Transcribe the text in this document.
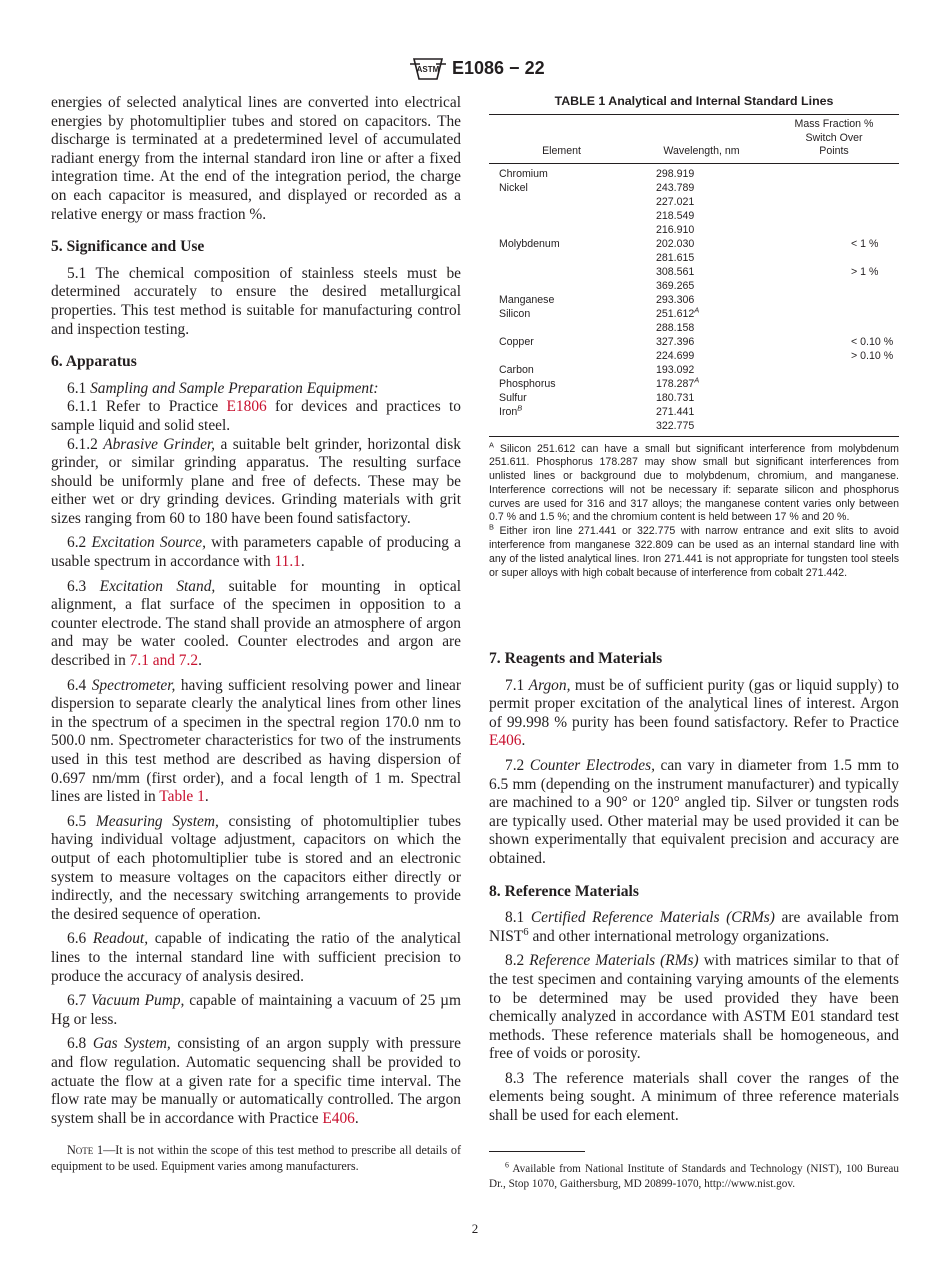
ASTM E1086 − 22

energies of selected analytical lines are converted into electrical energies by photomultiplier tubes and stored on capacitors. The discharge is terminated at a predetermined level of accumulated radiant energy from the internal standard iron line or after a fixed integration time. At the end of the integration period, the charge on each capacitor is measured, and displayed or recorded as a relative energy or mass fraction %.

5. Significance and Use

5.1 The chemical composition of stainless steels must be determined accurately to ensure the desired metallurgical properties. This test method is suitable for manufacturing control and inspection testing.

6. Apparatus

6.1 Sampling and Sample Preparation Equipment:

6.1.1 Refer to Practice E1806 for devices and practices to sample liquid and solid steel.

6.1.2 Abrasive Grinder, a suitable belt grinder, horizontal disk grinder, or similar grinding apparatus. The resulting surface should be uniformly plane and free of defects. These may be either wet or dry grinding devices. Grinding materials with grit sizes ranging from 60 to 180 have been found satisfactory.

6.2 Excitation Source, with parameters capable of producing a usable spectrum in accordance with 11.1.

6.3 Excitation Stand, suitable for mounting in optical alignment, a flat surface of the specimen in opposition to a counter electrode. The stand shall provide an atmosphere of argon and may be water cooled. Counter electrodes and argon are described in 7.1 and 7.2.

6.4 Spectrometer, having sufficient resolving power and linear dispersion to separate clearly the analytical lines from other lines in the spectrum of a specimen in the spectral region 170.0 nm to 500.0 nm. Spectrometer characteristics for two of the instruments used in this test method are described as having dispersion of 0.697 nm/mm (first order), and a focal length of 1 m. Spectral lines are listed in Table 1.

6.5 Measuring System, consisting of photomultiplier tubes having individual voltage adjustment, capacitors on which the output of each photomultiplier tube is stored and an electronic system to measure voltages on the capacitors either directly or indirectly, and the necessary switching arrangements to provide the desired sequence of operation.

6.6 Readout, capable of indicating the ratio of the analytical lines to the internal standard line with sufficient precision to produce the accuracy of analysis desired.

6.7 Vacuum Pump, capable of maintaining a vacuum of 25 µm Hg or less.

6.8 Gas System, consisting of an argon supply with pressure and flow regulation. Automatic sequencing shall be provided to actuate the flow at a given rate for a specific time interval. The flow rate may be manually or automatically controlled. The argon system shall be in accordance with Practice E406.

Note 1—It is not within the scope of this test method to prescribe all details of equipment to be used. Equipment varies among manufacturers.

TABLE 1 Analytical and Internal Standard Lines
Element	Wavelength, nm	Mass Fraction %
Switch Over
Points
Chromium	298.919	
Nickel	243.789	
	227.021	
	218.549	
	216.910	
Molybdenum	202.030	< 1 %
	281.615	
	308.561	> 1 %
	369.265	
Manganese	293.306	
Silicon	$251.612^A$	
	288.158	
Copper	327.396	< 0.10 %
	224.699	> 0.10 %
Carbon	193.092	
Phosphorus	$178.287^A$	
Sulfur	180.731	
Iron$^B$	271.441	
	322.775	

$^A$ Silicon 251.612 can have a small but significant interference from molybdenum 251.611. Phosphorus 178.287 may show small but significant interferences from unlisted lines or background due to molybdenum, chromium, and manganese. Interference corrections will not be necessary if: separate silicon and phosphorus curves are used for 316 and 317 alloys; the manganese content varies only between 0.7 % and 1.5 %; and the chromium content is held between 17 % and 20 %.

$^B$ Either iron line 271.441 or 322.775 with narrow entrance and exit slits to avoid interference from manganese 322.809 can be used as an internal standard line with any of the listed analytical lines. Iron 271.441 is not appropriate for tungsten tool steels or super alloys with high cobalt because of interference from cobalt 271.442.

7. Reagents and Materials

7.1 Argon, must be of sufficient purity (gas or liquid supply) to permit proper excitation of the analytical lines of interest. Argon of 99.998 % purity has been found satisfactory. Refer to Practice E406.

7.2 Counter Electrodes, can vary in diameter from 1.5 mm to 6.5 mm (depending on the instrument manufacturer) and typically are machined to a 90° or 120° angled tip. Silver or tungsten rods are typically used. Other material may be used provided it can be shown experimentally that equivalent precision and accuracy are obtained.

8. Reference Materials

8.1 Certified Reference Materials (CRMs) are available from NIST$^6$ and other international metrology organizations.

8.2 Reference Materials (RMs) with matrices similar to that of the test specimen and containing varying amounts of the elements to be determined may be used provided they have been chemically analyzed in accordance with ASTM E01 standard test methods. These reference materials shall be homogeneous, and free of voids or porosity.

8.3 The reference materials shall cover the ranges of the elements being sought. A minimum of three reference materials shall be used for each element.

$^6$ Available from National Institute of Standards and Technology (NIST), 100 Bureau Dr., Stop 1070, Gaithersburg, MD 20899-1070, http://www.nist.gov.

2
